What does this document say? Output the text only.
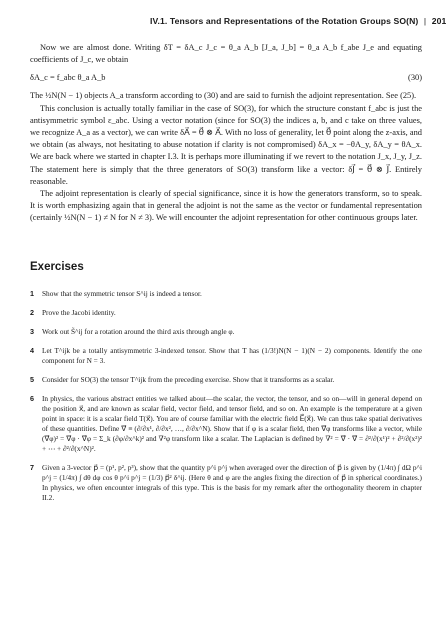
IV.1. Tensors and Representations of the Rotation Groups SO(N) | 201

Now we are almost done. Writing δT = δA_c J_c = θ_a A_b [J_a, J_b] = θ_a A_b f_abe J_e and equating coefficients of J_c, we obtain

δA_c = f_abc θ_a A_b	(30)

The ½N(N − 1) objects A_a transform according to (30) and are said to furnish the adjoint representation. See (25).

This conclusion is actually totally familiar in the case of SO(3), for which the structure constant f_abc is just the antisymmetric symbol ε_abc. Using a vector notation (since for SO(3) the indices a, b, and c take on three values, we recognize A_a as a vector), we can write δA⃗ = θ⃗ ⊗ A⃗. With no loss of generality, let θ⃗ point along the z-axis, and we obtain (as always, not hesitating to abuse notation if clarity is not compromised) δA_x = −θA_y, δA_y = θA_x. We are back where we started in chapter I.3. It is perhaps more illuminating if we revert to the notation J_x, J_y, J_z. The statement here is simply that the three generators of SO(3) transform like a vector: δJ⃗ = θ⃗ ⊗ J⃗. Entirely reasonable.

The adjoint representation is clearly of special significance, since it is how the generators transform, so to speak. It is worth emphasizing again that in general the adjoint is not the same as the vector or fundamental representation (certainly ½N(N − 1) ≠ N for N ≠ 3). We will encounter the adjoint representation for other continuous groups later.

Exercises
1 Show that the symmetric tensor S^ij is indeed a tensor.

2 Prove the Jacobi identity.

3 Work out S̃^ij for a rotation around the third axis through angle φ.

4 Let T^ijk be a totally antisymmetric 3-indexed tensor. Show that T has (1/3!)N(N − 1)(N − 2) components. Identify the one component for N = 3.

5 Consider for SO(3) the tensor T^ijk from the preceding exercise. Show that it transforms as a scalar.

6 In physics, the various abstract entities we talked about—the scalar, the vector, the tensor, and so on—will in general depend on the position x⃗, and are known as scalar field, vector field, and tensor field, and so on. An example is the temperature at a given point in space: it is a scalar field T(x⃗). You are of course familiar with the electric field E⃗(x⃗). We can thus take spatial derivatives of these quantities. Define ∇⃗ ≡ (∂/∂x¹, ∂/∂x², …, ∂/∂x^N). Show that if φ is a scalar field, then ∇⃗φ transforms like a vector, while (∇⃗φ)² = ∇⃗φ · ∇⃗φ = Σ_k (∂φ/∂x^k)² and ∇²φ transform like a scalar. The Laplacian is defined by ∇² = ∇⃗ · ∇⃗ = ∂²/∂(x¹)² + ∂²/∂(x²)² + ⋯ + ∂²/∂(x^N)².

7 Given a 3-vector p⃗ = (p¹, p², p³), show that the quantity p^i p^j when averaged over the direction of p⃗ is given by (1/4π) ∫ dΩ p^i p^j = (1/4π) ∫ dθ dφ cos θ p^i p^j = (1/3) p⃗² δ^ij. (Here θ and φ are the angles fixing the direction of p⃗ in spherical coordinates.) In physics, we often encounter integrals of this type. This is the basis for my remark after the orthogonality theorem in chapter II.2.
